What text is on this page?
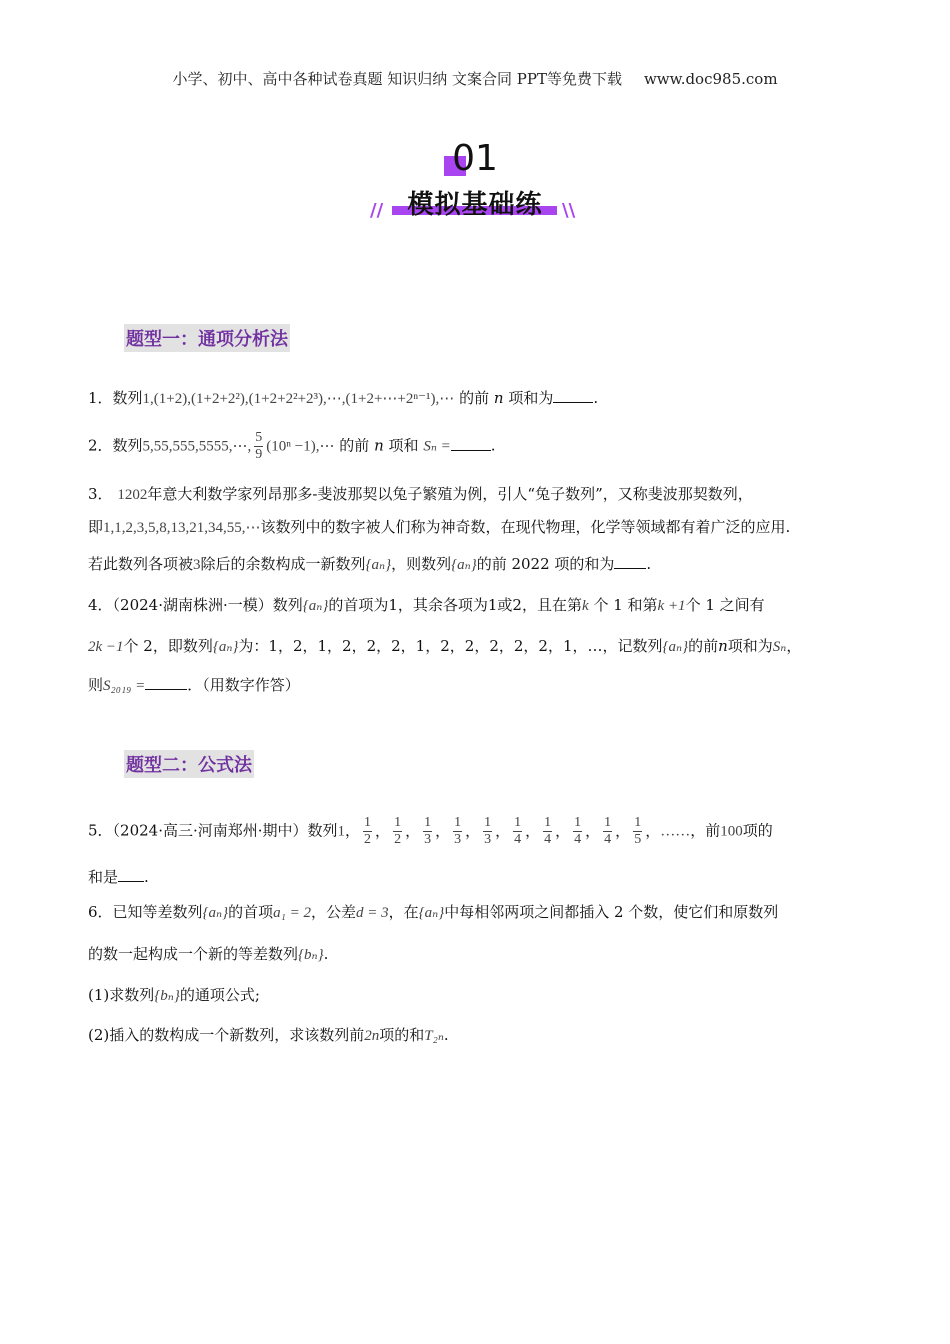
小学、初中、高中各种试卷真题 知识归纳 文案合同 PPT等免费下载 www.doc985.com
01
模拟基础练
//	\\
题型一：通项分析法
1．数列1,(1+2),(1+2+2²),(1+2+2²+2³),⋯,(1+2+⋯+2ⁿ⁻¹),⋯ 的前 n 项和为	.
2．数列5,55,555,5555,⋯, $\frac{5}{9} (10^n$ −1),⋯ 的前 n 项和 Sₙ =	.
3． 1202年意大利数学家列昂那多-斐波那契以兔子繁殖为例，引人“兔子数列”，又称斐波那契数列，
即1,1,2,3,5,8,13,21,34,55,⋯该数列中的数字被人们称为神奇数，在现代物理，化学等领域都有着广泛的应用.
若此数列各项被3除后的余数构成一新数列{aₙ}，则数列{aₙ}的前 2022 项的和为 .
4．（2024·湖南株洲·一模）数列{aₙ}的首项为1，其余各项为1或2，且在第k 个 1 和第k +1个 1 之间有
2k −1个 2，即数列{aₙ}为：1，2，1，2，2，2，1，2，2，2，2，2，1，…，记数列{aₙ}的前n项和为Sₙ，
则S₂₀₁₉ =	．（用数字作答）
题型二：公式法
5．（2024·高三·河南郑州·期中）数列1， $\frac{1}{2}$ ， $\frac{1}{2}$ ， $\frac{1}{3}$ ， $\frac{1}{3}$ ， $\frac{1}{3}$ ， $\frac{1}{4}$ ， $\frac{1}{4}$ ， $\frac{1}{4}$ ， $\frac{1}{4}$ ， $\frac{1}{5}$ ，……，前100项的
和是 .
6．已知等差数列{aₙ}的首项a₁ = 2，公差d = 3，在{aₙ}中每相邻两项之间都插入 2 个数，使它们和原数列
的数一起构成一个新的等差数列{bₙ}.
(1)求数列{bₙ}的通项公式;
(2)插入的数构成一个新数列，求该数列前2n项的和T₂ₙ.
